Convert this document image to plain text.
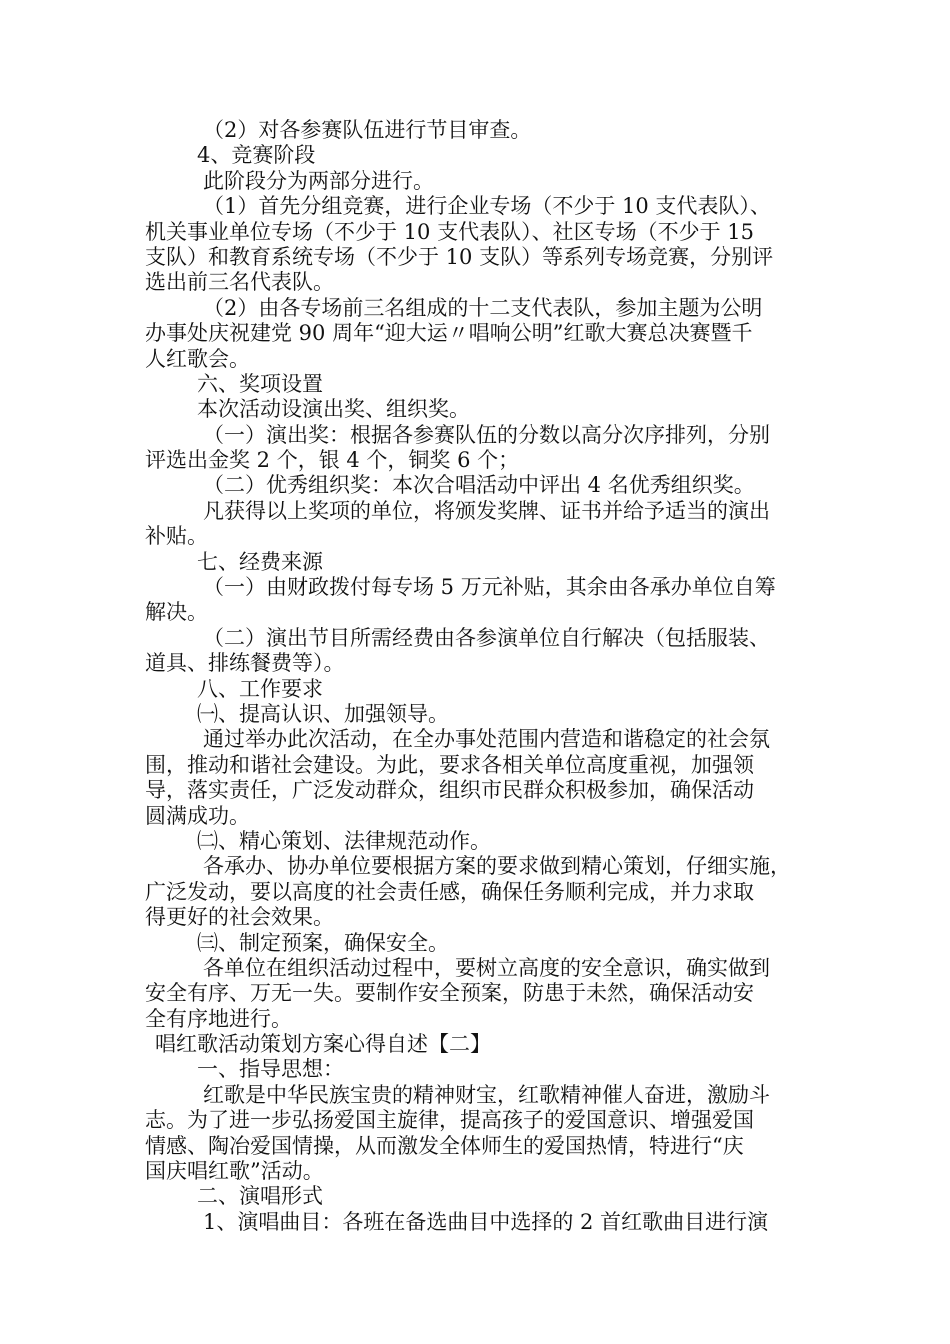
（2）对各参赛队伍进行节目审查。
4、竞赛阶段
此阶段分为两部分进行。
（1）首先分组竞赛，进行企业专场（不少于 10 支代表队）、
机关事业单位专场（不少于 10 支代表队）、社区专场（不少于 15
支队）和教育系统专场（不少于 10 支队）等系列专场竞赛，分别评
选出前三名代表队。
（2）由各专场前三名组成的十二支代表队，参加主题为公明
办事处庆祝建党 90 周年“迎大运〃唱响公明”红歌大赛总决赛暨千
人红歌会。
六、奖项设置
本次活动设演出奖、组织奖。
（一）演出奖：根据各参赛队伍的分数以高分次序排列，分别
评选出金奖 2 个，银 4 个，铜奖 6 个；
（二）优秀组织奖：本次合唱活动中评出 4 名优秀组织奖。
凡获得以上奖项的单位，将颁发奖牌、证书并给予适当的演出
补贴。
七、经费来源
（一）由财政拨付每专场 5 万元补贴，其余由各承办单位自筹
解决。
（二）演出节目所需经费由各参演单位自行解决（包括服装、
道具、排练餐费等）。
八、工作要求
㈠、提高认识、加强领导。
通过举办此次活动，在全办事处范围内营造和谐稳定的社会氛
围，推动和谐社会建设。为此，要求各相关单位高度重视，加强领
导，落实责任，广泛发动群众，组织市民群众积极参加，确保活动
圆满成功。
㈡、精心策划、法律规范动作。
各承办、协办单位要根据方案的要求做到精心策划，仔细实施，
广泛发动，要以高度的社会责任感，确保任务顺利完成，并力求取
得更好的社会效果。
㈢、制定预案，确保安全。
各单位在组织活动过程中，要树立高度的安全意识，确实做到
安全有序、万无一失。要制作安全预案，防患于未然，确保活动安
全有序地进行。
唱红歌活动策划方案心得自述【二】
一、指导思想：
红歌是中华民族宝贵的精神财宝，红歌精神催人奋进，激励斗
志。为了进一步弘扬爱国主旋律，提高孩子的爱国意识、增强爱国
情感、陶冶爱国情操，从而激发全体师生的爱国热情，特进行“庆
国庆唱红歌”活动。
二、演唱形式
1、演唱曲目：各班在备选曲目中选择的 2 首红歌曲目进行演
